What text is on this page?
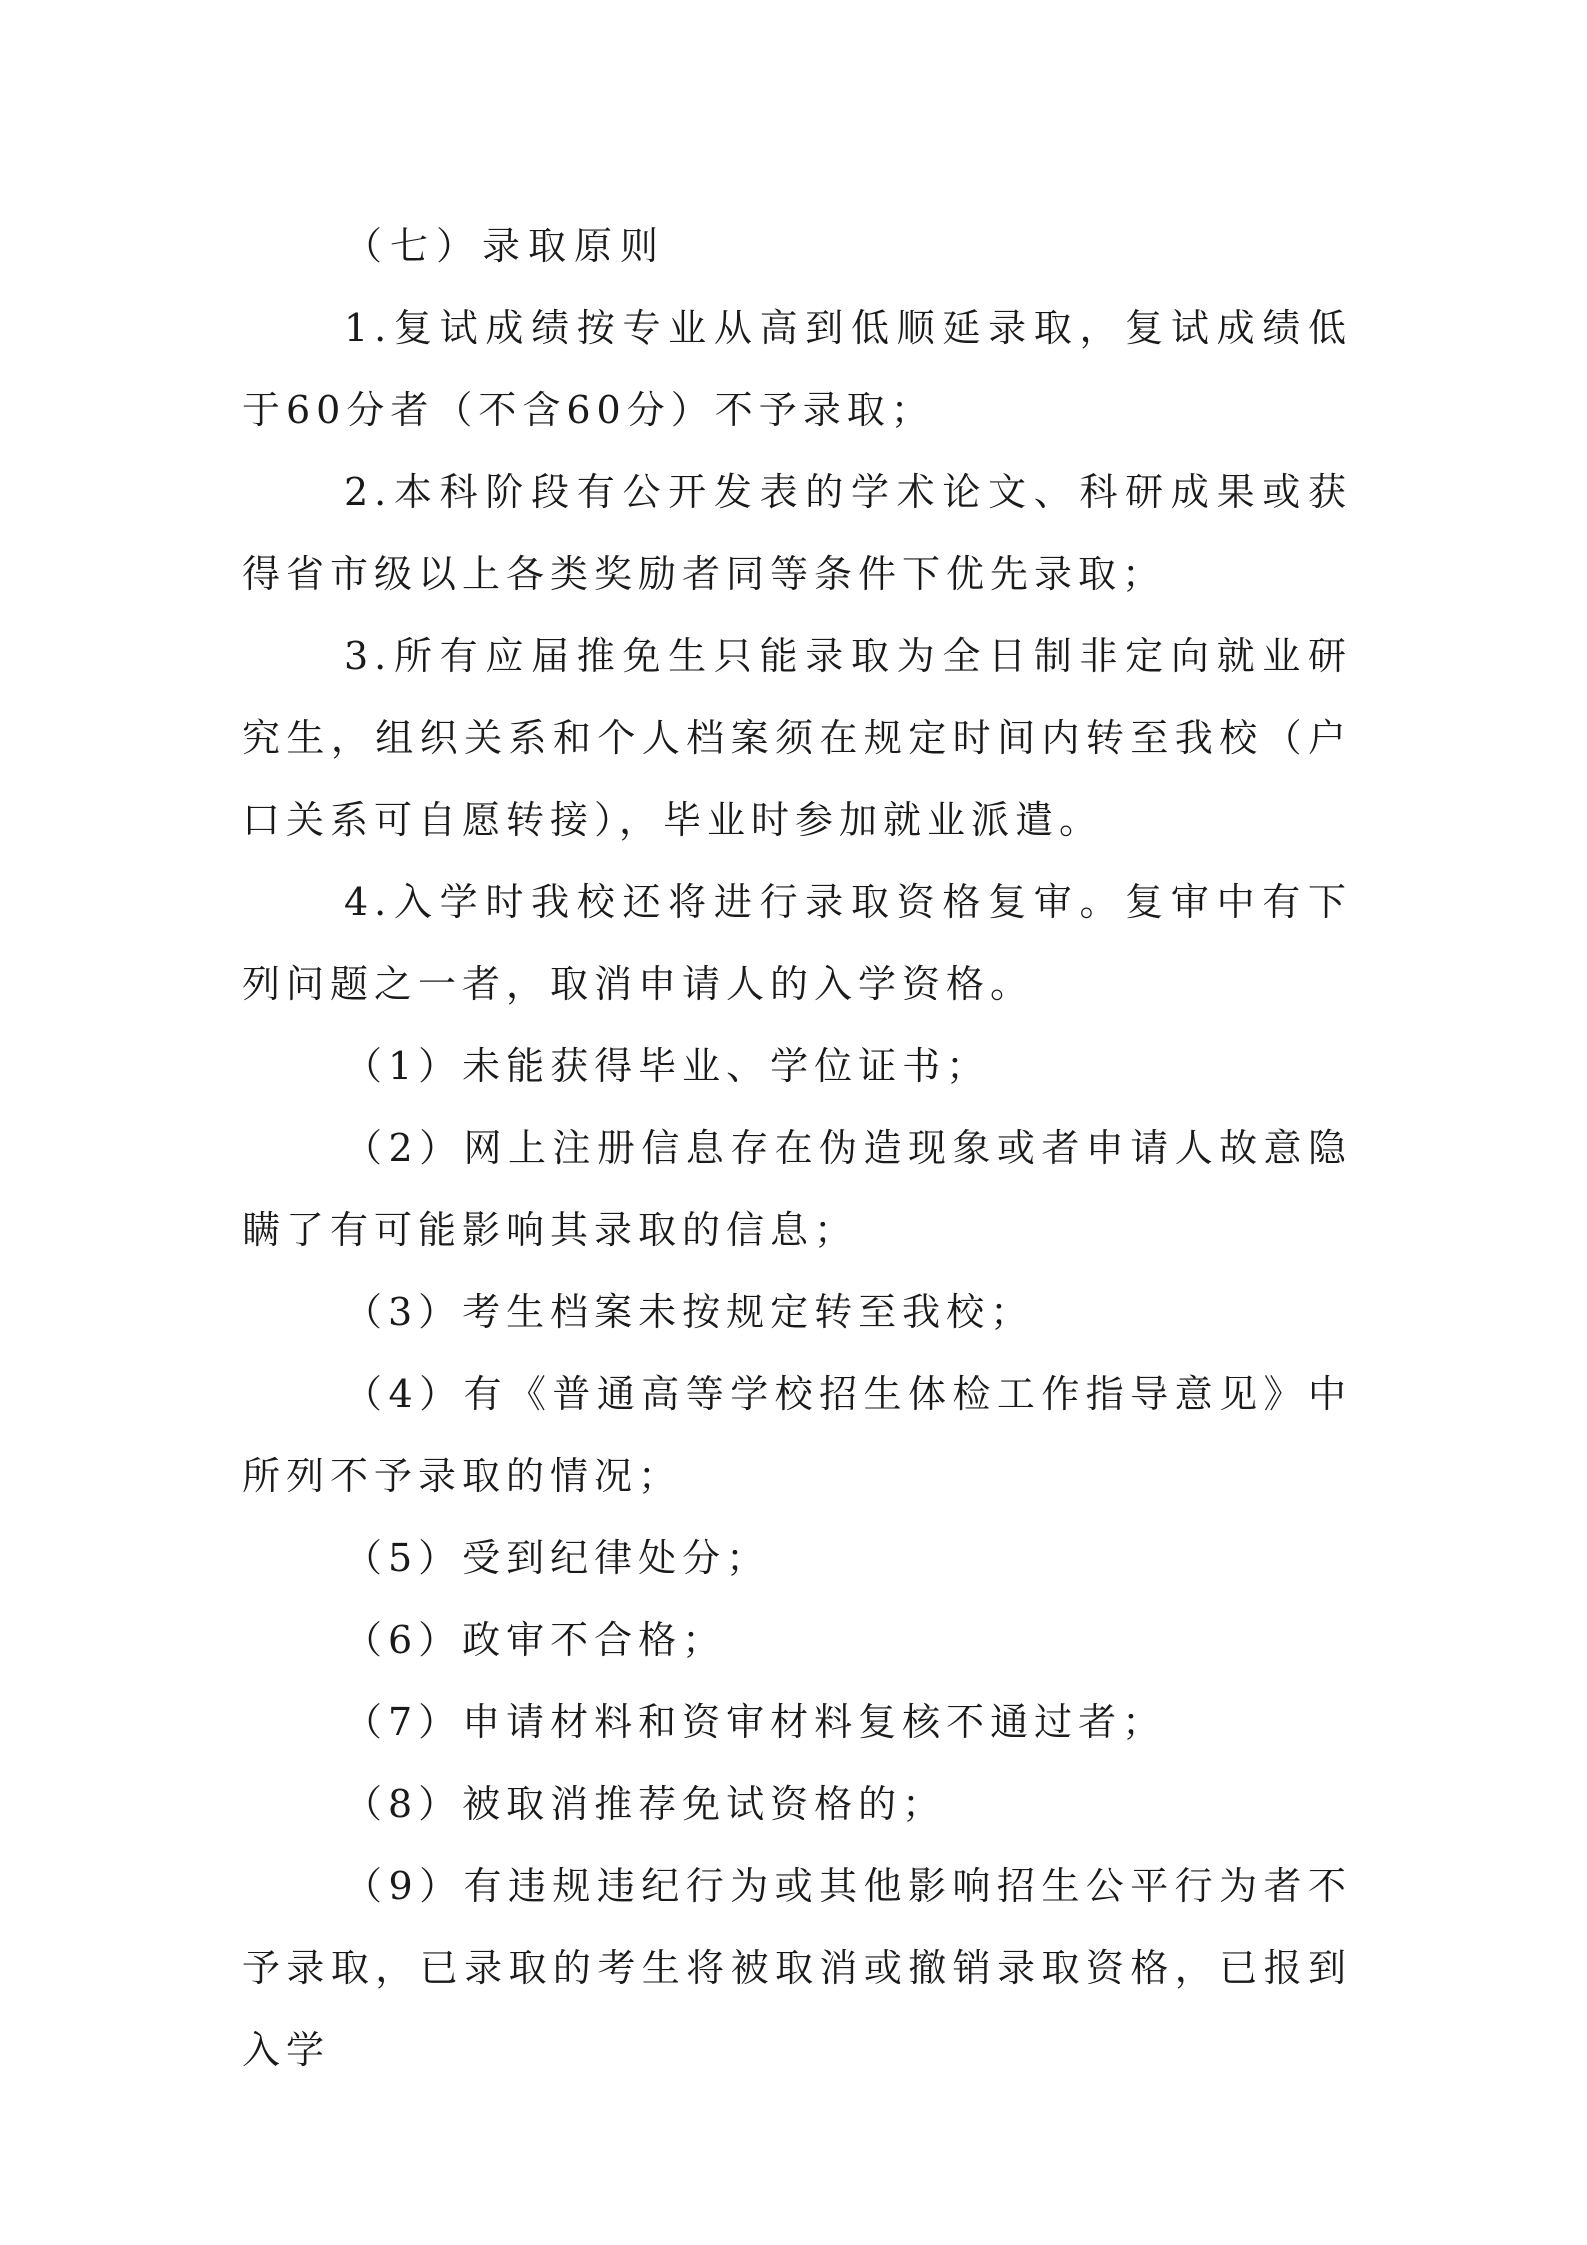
（七）录取原则

1.复试成绩按专业从高到低顺延录取，复试成绩低于60分者（不含60分）不予录取；

2.本科阶段有公开发表的学术论文、科研成果或获得省市级以上各类奖励者同等条件下优先录取；

3.所有应届推免生只能录取为全日制非定向就业研究生，组织关系和个人档案须在规定时间内转至我校（户口关系可自愿转接），毕业时参加就业派遣。

4.入学时我校还将进行录取资格复审。复审中有下列问题之一者，取消申请人的入学资格。

（1）未能获得毕业、学位证书；

（2）网上注册信息存在伪造现象或者申请人故意隐瞒了有可能影响其录取的信息；

（3）考生档案未按规定转至我校；

（4）有《普通高等学校招生体检工作指导意见》中所列不予录取的情况；

（5）受到纪律处分；

（6）政审不合格；

（7）申请材料和资审材料复核不通过者；

（8）被取消推荐免试资格的；

（9）有违规违纪行为或其他影响招生公平行为者不予录取，已录取的考生将被取消或撤销录取资格，已报到入学
